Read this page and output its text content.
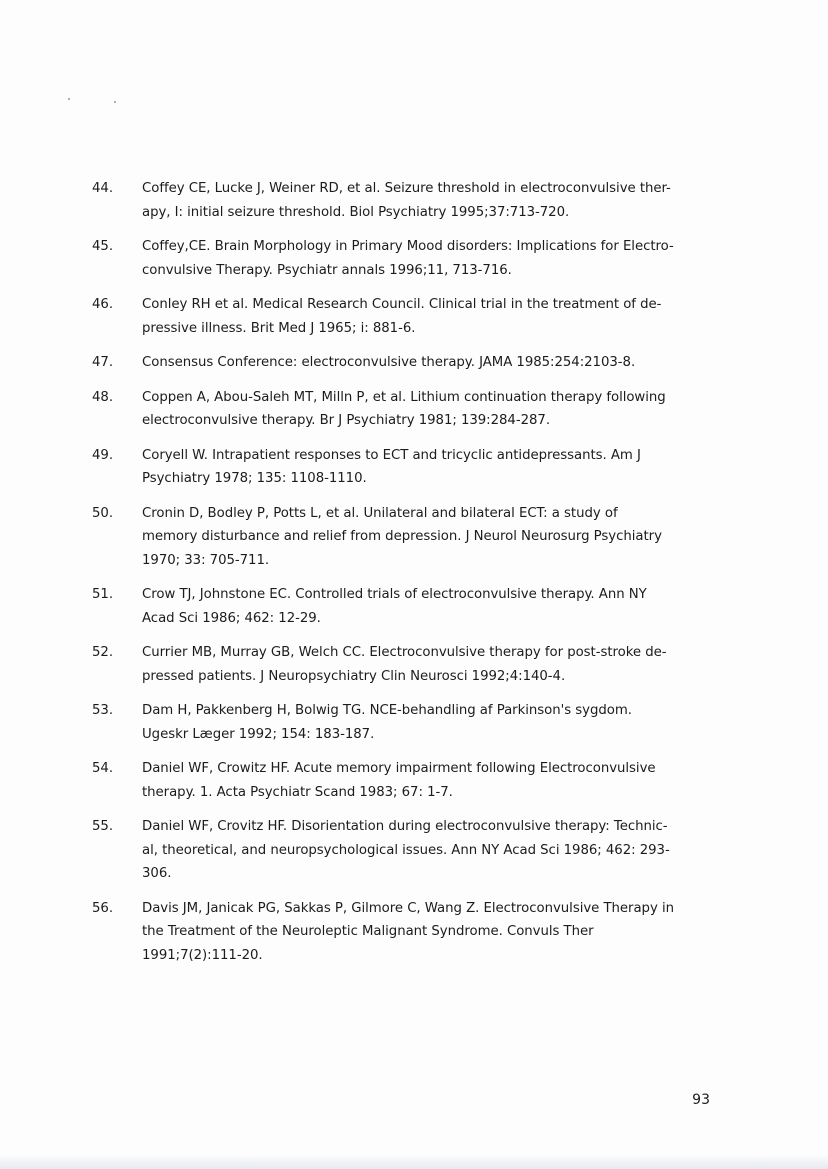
44.	Coffey CE, Lucke J, Weiner RD, et al. Seizure threshold in electroconvulsive ther-
apy, I: initial seizure threshold. Biol Psychiatry 1995;37:713-720.
45.	Coffey,CE. Brain Morphology in Primary Mood disorders: Implications for Electro-
convulsive Therapy. Psychiatr annals 1996;11, 713-716.
46.	Conley RH et al. Medical Research Council. Clinical trial in the treatment of de-
pressive illness. Brit Med J 1965; i: 881-6.
47.	Consensus Conference: electroconvulsive therapy. JAMA 1985:254:2103-8.
48.	Coppen A, Abou-Saleh MT, Milln P, et al. Lithium continuation therapy following
electroconvulsive therapy. Br J Psychiatry 1981; 139:284-287.
49.	Coryell W. Intrapatient responses to ECT and tricyclic antidepressants. Am J
Psychiatry 1978; 135: 1108-1110.
50.	Cronin D, Bodley P, Potts L, et al. Unilateral and bilateral ECT: a study of
memory disturbance and relief from depression. J Neurol Neurosurg Psychiatry
1970; 33: 705-711.
51.	Crow TJ, Johnstone EC. Controlled trials of electroconvulsive therapy. Ann NY
Acad Sci 1986; 462: 12-29.
52.	Currier MB, Murray GB, Welch CC. Electroconvulsive therapy for post-stroke de-
pressed patients. J Neuropsychiatry Clin Neurosci 1992;4:140-4.
53.	Dam H, Pakkenberg H, Bolwig TG. NCE-behandling af Parkinson's sygdom.
Ugeskr Læger 1992; 154: 183-187.
54.	Daniel WF, Crowitz HF. Acute memory impairment following Electroconvulsive
therapy. 1. Acta Psychiatr Scand 1983; 67: 1-7.
55.	Daniel WF, Crovitz HF. Disorientation during electroconvulsive therapy: Technic-
al, theoretical, and neuropsychological issues. Ann NY Acad Sci 1986; 462: 293-
306.
56.	Davis JM, Janicak PG, Sakkas P, Gilmore C, Wang Z. Electroconvulsive Therapy in
the Treatment of the Neuroleptic Malignant Syndrome. Convuls Ther
1991;7(2):111-20.
93
